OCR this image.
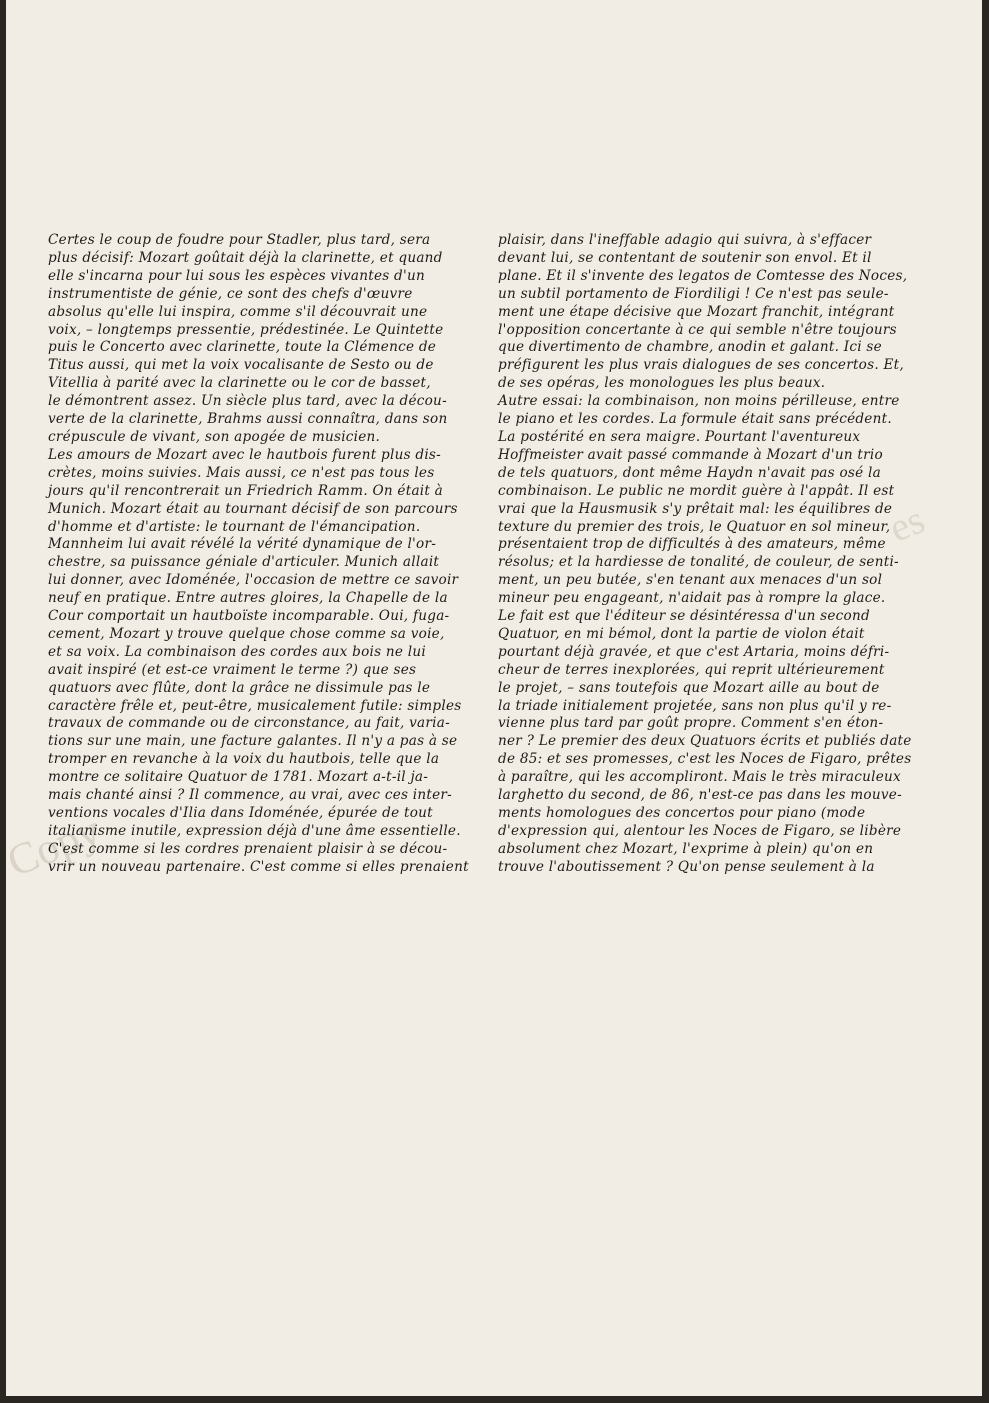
Copy
es
Certes le coup de foudre pour Stadler, plus tard, sera
plus décisif: Mozart goûtait déjà la clarinette, et quand
elle s'incarna pour lui sous les espèces vivantes d'un
instrumentiste de génie, ce sont des chefs d'œuvre
absolus qu'elle lui inspira, comme s'il découvrait une
voix, – longtemps pressentie, prédestinée. Le Quintette
puis le Concerto avec clarinette, toute la Clémence de
Titus aussi, qui met la voix vocalisante de Sesto ou de
Vitellia à parité avec la clarinette ou le cor de basset,
le démontrent assez. Un siècle plus tard, avec la décou-
verte de la clarinette, Brahms aussi connaîtra, dans son
crépuscule de vivant, son apogée de musicien.
Les amours de Mozart avec le hautbois furent plus dis-
crètes, moins suivies. Mais aussi, ce n'est pas tous les
jours qu'il rencontrerait un Friedrich Ramm. On était à
Munich. Mozart était au tournant décisif de son parcours
d'homme et d'artiste: le tournant de l'émancipation.
Mannheim lui avait révélé la vérité dynamique de l'or-
chestre, sa puissance géniale d'articuler. Munich allait
lui donner, avec Idoménée, l'occasion de mettre ce savoir
neuf en pratique. Entre autres gloires, la Chapelle de la
Cour comportait un hautboïste incomparable. Oui, fuga-
cement, Mozart y trouve quelque chose comme sa voie,
et sa voix. La combinaison des cordes aux bois ne lui
avait inspiré (et est-ce vraiment le terme ?) que ses
quatuors avec flûte, dont la grâce ne dissimule pas le
caractère frêle et, peut-être, musicalement futile: simples
travaux de commande ou de circonstance, au fait, varia-
tions sur une main, une facture galantes. Il n'y a pas à se
tromper en revanche à la voix du hautbois, telle que la
montre ce solitaire Quatuor de 1781. Mozart a-t-il ja-
mais chanté ainsi ? Il commence, au vrai, avec ces inter-
ventions vocales d'Ilia dans Idoménée, épurée de tout
italianisme inutile, expression déjà d'une âme essentielle.
C'est comme si les cordres prenaient plaisir à se décou-
vrir un nouveau partenaire. C'est comme si elles prenaient
plaisir, dans l'ineffable adagio qui suivra, à s'effacer
devant lui, se contentant de soutenir son envol. Et il
plane. Et il s'invente des legatos de Comtesse des Noces,
un subtil portamento de Fiordiligi ! Ce n'est pas seule-
ment une étape décisive que Mozart franchit, intégrant
l'opposition concertante à ce qui semble n'être toujours
que divertimento de chambre, anodin et galant. Ici se
préfigurent les plus vrais dialogues de ses concertos. Et,
de ses opéras, les monologues les plus beaux.
Autre essai: la combinaison, non moins périlleuse, entre
le piano et les cordes. La formule était sans précédent.
La postérité en sera maigre. Pourtant l'aventureux
Hoffmeister avait passé commande à Mozart d'un trio
de tels quatuors, dont même Haydn n'avait pas osé la
combinaison. Le public ne mordit guère à l'appât. Il est
vrai que la Hausmusik s'y prêtait mal: les équilibres de
texture du premier des trois, le Quatuor en sol mineur,
présentaient trop de difficultés à des amateurs, même
résolus; et la hardiesse de tonalité, de couleur, de senti-
ment, un peu butée, s'en tenant aux menaces d'un sol
mineur peu engageant, n'aidait pas à rompre la glace.
Le fait est que l'éditeur se désintéressa d'un second
Quatuor, en mi bémol, dont la partie de violon était
pourtant déjà gravée, et que c'est Artaria, moins défri-
cheur de terres inexplorées, qui reprit ultérieurement
le projet, – sans toutefois que Mozart aille au bout de
la triade initialement projetée, sans non plus qu'il y re-
vienne plus tard par goût propre. Comment s'en éton-
ner ? Le premier des deux Quatuors écrits et publiés date
de 85: et ses promesses, c'est les Noces de Figaro, prêtes
à paraître, qui les accompliront. Mais le très miraculeux
larghetto du second, de 86, n'est-ce pas dans les mouve-
ments homologues des concertos pour piano (mode
d'expression qui, alentour les Noces de Figaro, se libère
absolument chez Mozart, l'exprime à plein) qu'on en
trouve l'aboutissement ? Qu'on pense seulement à la
